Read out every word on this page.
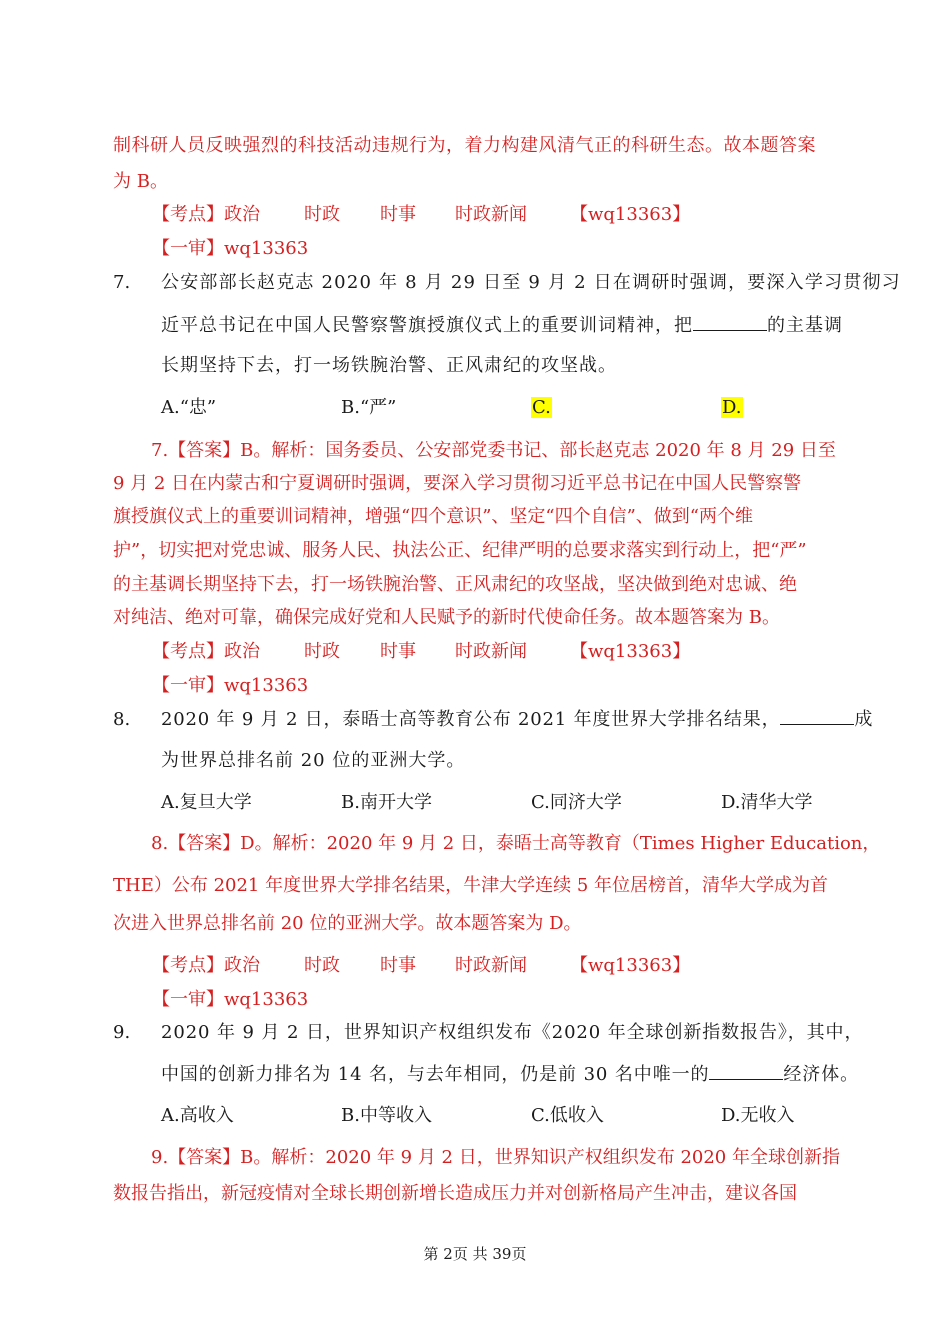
制科研人员反映强烈的科技活动违规行为，着力构建风清气正的科研生态。故本题答案
为 B。
【考点】政治 时政 时事 时政新闻 【wq13363】
【一审】wq13363
7. 公安部部长赵克志 2020 年 8 月 29 日至 9 月 2 日在调研时强调，要深入学习贯彻习
近平总书记在中国人民警察警旗授旗仪式上的重要训词精神，把	的主基调
长期坚持下去，打一场铁腕治警、正风肃纪的攻坚战。
A.“忠”	B.“严”	C.	D.
7.【答案】B。解析：国务委员、公安部党委书记、部长赵克志 2020 年 8 月 29 日至
9 月 2 日在内蒙古和宁夏调研时强调，要深入学习贯彻习近平总书记在中国人民警察警
旗授旗仪式上的重要训词精神，增强“四个意识”、坚定“四个自信”、做到“两个维
护”，切实把对党忠诚、服务人民、执法公正、纪律严明的总要求落实到行动上，把“严”
的主基调长期坚持下去，打一场铁腕治警、正风肃纪的攻坚战，坚决做到绝对忠诚、绝
对纯洁、绝对可靠，确保完成好党和人民赋予的新时代使命任务。故本题答案为 B。
【考点】政治 时政 时事 时政新闻 【wq13363】
【一审】wq13363
8. 2020 年 9 月 2 日，泰晤士高等教育公布 2021 年度世界大学排名结果，	成
为世界总排名前 20 位的亚洲大学。
A.复旦大学	B.南开大学	C.同济大学	D.清华大学
8.【答案】D。解析：2020 年 9 月 2 日，泰晤士高等教育（Times Higher Education，
THE）公布 2021 年度世界大学排名结果，牛津大学连续 5 年位居榜首，清华大学成为首
次进入世界总排名前 20 位的亚洲大学。故本题答案为 D。
【考点】政治 时政 时事 时政新闻 【wq13363】
【一审】wq13363
9. 2020 年 9 月 2 日，世界知识产权组织发布《2020 年全球创新指数报告》，其中，
中国的创新力排名为 14 名，与去年相同，仍是前 30 名中唯一的	经济体。
A.高收入	B.中等收入	C.低收入	D.无收入
9.【答案】B。解析：2020 年 9 月 2 日，世界知识产权组织发布 2020 年全球创新指
数报告指出，新冠疫情对全球长期创新增长造成压力并对创新格局产生冲击，建议各国
第 2页 共 39页
